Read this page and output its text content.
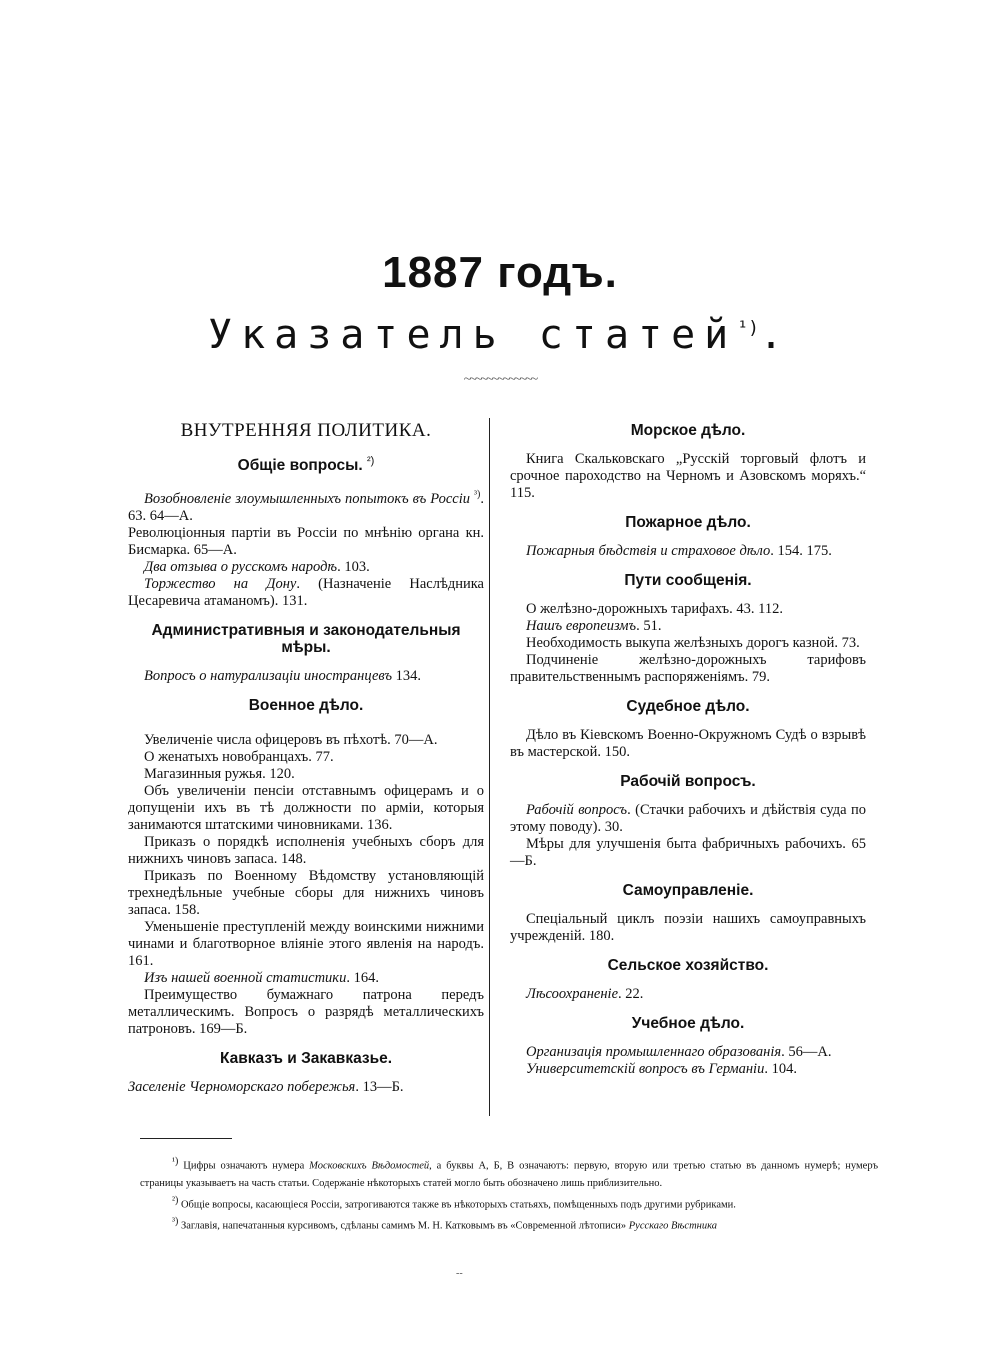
1887 годъ.
Указатель статей$^{^1)}$.
~~~~~~~~~~~~~
ВНУТРЕННЯЯ ПОЛИТИКА.
Общіе вопросы. $^{^2)}$

Возобновленіе злоумышленныхъ попытокъ въ Россіи $^{^3)}$. 63. 64—А.

Революціонныя партіи въ Россіи по мнѣнію органа кн. Бисмарка. 65—А.

Два отзыва о русскомъ народѣ. 103.

Торжество на Дону. (Назначеніе Наслѣдника Цесаревича атаманомъ). 131.

Административныя и законодательныя мѣры.

Вопросъ о натурализаціи иностранцевъ 134.

Военное дѣло.

Увеличеніе числа офицеровъ въ пѣхотѣ. 70—А.

О женатыхъ новобранцахъ. 77.

Магазинныя ружья. 120.

Объ увеличеніи пенсіи отставнымъ офицерамъ и о допущеніи ихъ въ тѣ должности по арміи, которыя занимаются штатскими чиновниками. 136.

Приказъ о порядкѣ исполненія учебныхъ сборъ для нижнихъ чиновъ запаса. 148.

Приказъ по Военному Вѣдомству установляющій трехнедѣльные учебные сборы для нижнихъ чиновъ запаса. 158.

Уменьшеніе преступленій между воинскими нижними чинами и благотворное вліяніе этого явленія на народъ. 161.

Изъ нашей военной статистики. 164.

Преимущество бумажнаго патрона передъ металлическимъ. Вопросъ о разрядѣ металлическихъ патроновъ. 169—Б.

Кавказъ и Закавказье.

Заселеніе Черноморскаго побережья. 13—Б.

Морское дѣло.

Книга Скальковскаго „Русскій торговый флотъ и срочное пароходство на Черномъ и Азовскомъ моряхъ.“ 115.

Пожарное дѣло.

Пожарныя бѣдствія и страховое дѣло. 154. 175.

Пути сообщенія.

О желѣзно-дорожныхъ тарифахъ. 43. 112.

Нашъ европеизмъ. 51.

Необходимость выкупа желѣзныхъ дорогъ казной. 73.

Подчиненіе желѣзно-дорожныхъ тарифовъ правительственнымъ распоряженіямъ. 79.

Судебное дѣло.

Дѣло въ Кіевскомъ Военно-Окружномъ Судѣ о взрывѣ въ мастерской. 150.

Рабочій вопросъ.

Рабочій вопросъ. (Стачки рабочихъ и дѣйствія суда по этому поводу). 30.

Мѣры для улучшенія быта фабричныхъ рабочихъ. 65—Б.

Самоуправленіе.

Спеціальный циклъ поэзіи нашихъ самоуправныхъ учрежденій. 180.

Сельское хозяйство.

Лѣсоохраненіе. 22.

Учебное дѣло.

Организація промышленнаго образованія. 56—А.

Университетскій вопросъ въ Германіи. 104.

$^{^1)}$ Цифры означаютъ нумера Московскихъ Вѣдомостей, а буквы А, Б, В означаютъ: первую, вторую или третью статью въ данномъ нумерѣ; нумеръ страницы указываетъ на часть статьи. Содержаніе нѣкоторыхъ статей могло быть обозначено лишь приблизительно.

$^{^2)}$ Общіе вопросы, касающіеся Россіи, затрогиваются также въ нѣкоторыхъ статьяхъ, помѣщенныхъ подъ другими рубриками.

$^{^3)}$ Заглавія, напечатанныя курсивомъ, сдѣланы самимъ М. Н. Катковымъ въ «Современной лѣтописи» Русскаго Вѣстника

--
